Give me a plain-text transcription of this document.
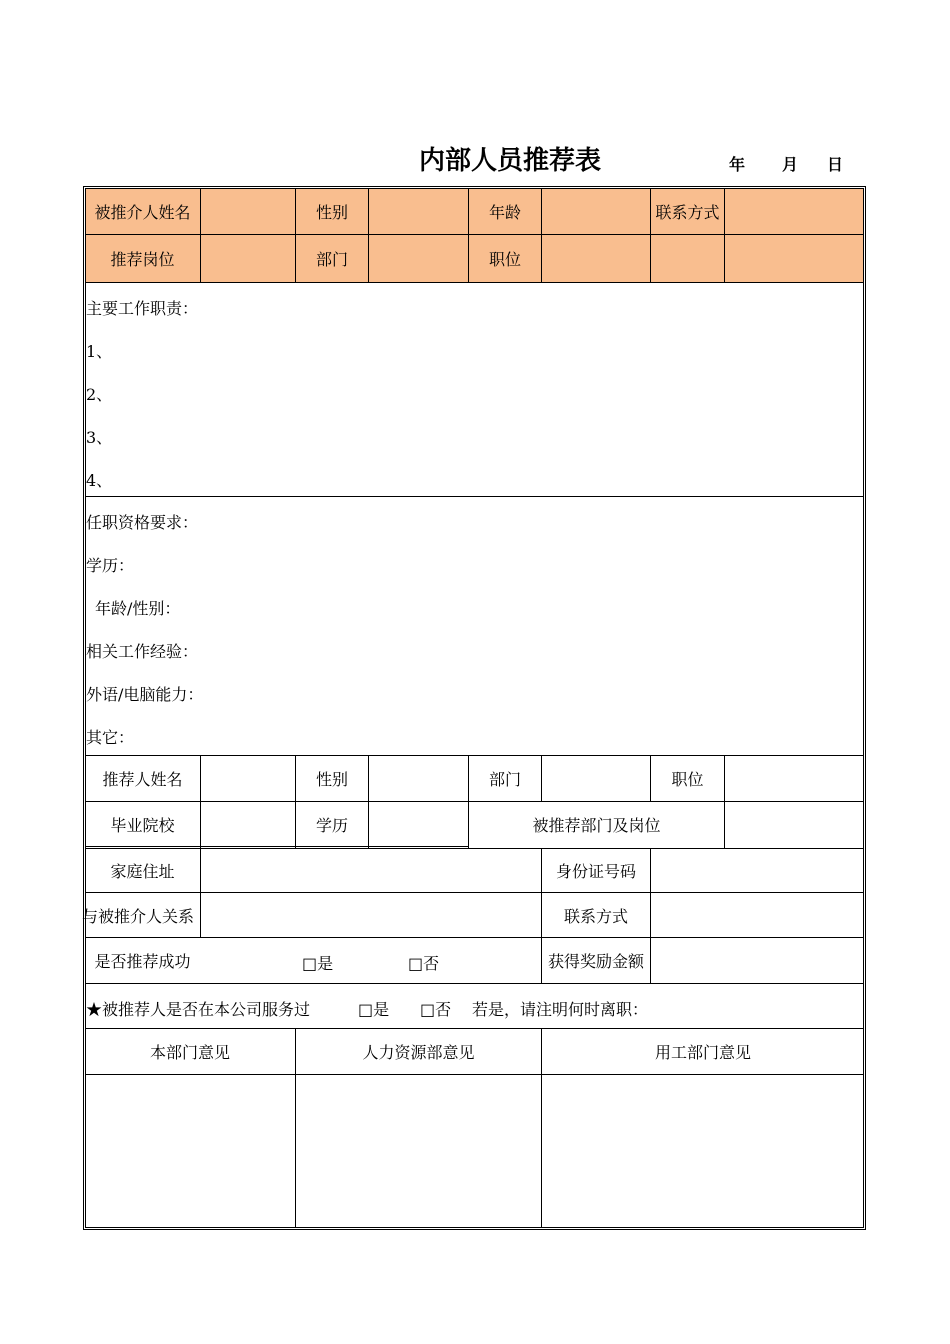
内部人员推荐表	年 月 日
被推介人姓名	性别	年龄	联系方式
推荐岗位	部门	职位
主要工作职责：
1、
2、
3、
4、
任职资格要求：
学历：
年龄/性别：
相关工作经验：
外语/电脑能力：
其它：
推荐人姓名	性别	部门	职位
毕业院校	学历	被推荐部门及岗位
家庭住址	身份证号码
与被推介人关系	联系方式
是否推荐成功	□是	□否	获得奖励金额
★被推荐人是否在本公司服务过	□是 □否 若是，请注明何时离职：
本部门意见	人力资源部意见	用工部门意见
